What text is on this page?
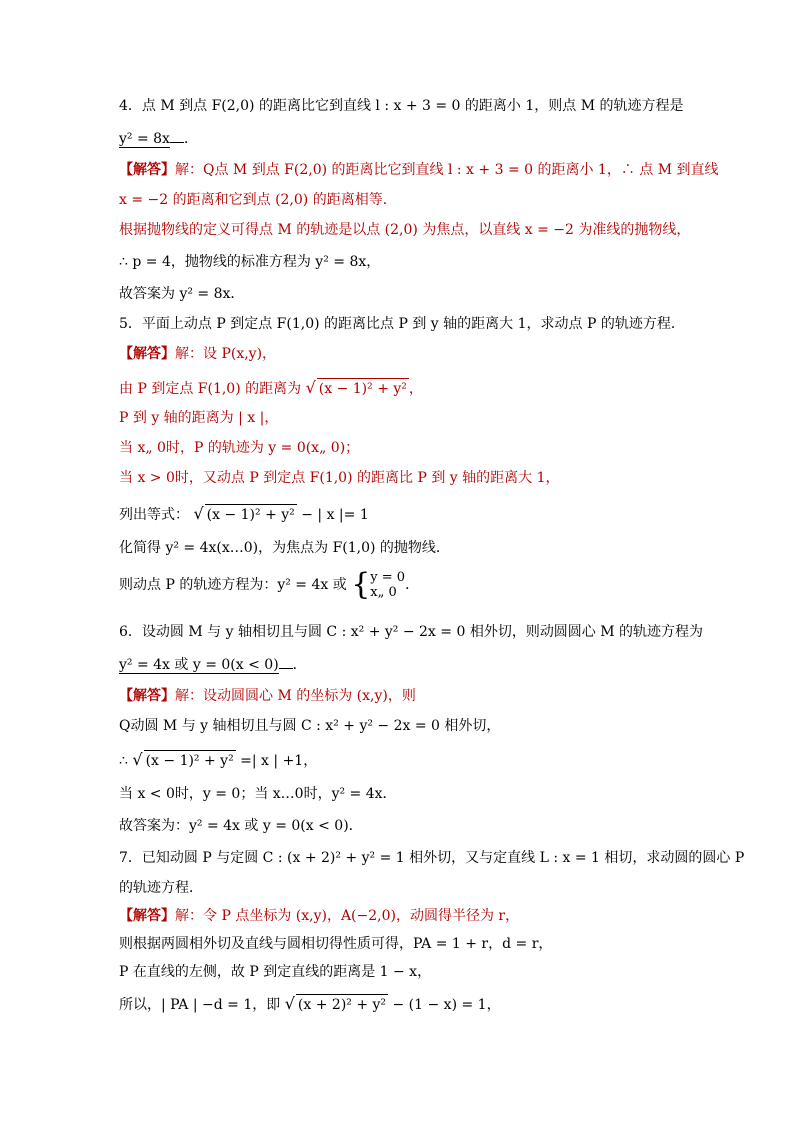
4．点 M 到点 F(2,0) 的距离比它到直线 l : x + 3 = 0 的距离小 1，则点 M 的轨迹方程是
y² = 8x ．
【解答】解：Q点 M 到点 F(2,0) 的距离比它到直线 l : x + 3 = 0 的距离小 1，∴ 点 M 到直线
x = −2 的距离和它到点 (2,0) 的距离相等．
根据抛物线的定义可得点 M 的轨迹是以点 (2,0) 为焦点，以直线 x = −2 为准线的抛物线，
∴ p = 4，抛物线的标准方程为 y² = 8x，
故答案为 y² = 8x．
5．平面上动点 P 到定点 F(1,0) 的距离比点 P 到 y 轴的距离大 1，求动点 P 的轨迹方程．
【解答】解：设 P(x,y)，
由 P 到定点 F(1,0) 的距离为 √ (x − 1)² + y² ，
P 到 y 轴的距离为 | x |，
当 x„ 0时，P 的轨迹为 y = 0(x„ 0)；
当 x > 0时，又动点 P 到定点 F(1,0) 的距离比 P 到 y 轴的距离大 1，
列出等式： √ (x − 1)² + y² − | x |= 1
化简得 y² = 4x(x…0)，为焦点为 F(1,0) 的抛物线．
则动点 P 的轨迹方程为：y² = 4x 或 {y = 0
x„ 0 ．
6．设动圆 M 与 y 轴相切且与圆 C : x² + y² − 2x = 0 相外切，则动圆圆心 M 的轨迹方程为
y² = 4x 或 y = 0(x < 0) ．
【解答】解：设动圆圆心 M 的坐标为 (x,y)，则
Q动圆 M 与 y 轴相切且与圆 C : x² + y² − 2x = 0 相外切，
∴ √ (x − 1)² + y² =| x | +1，
当 x < 0时，y = 0；当 x…0时，y² = 4x．
故答案为：y² = 4x 或 y = 0(x < 0)．
7．已知动圆 P 与定圆 C : (x + 2)² + y² = 1 相外切，又与定直线 L : x = 1 相切，求动圆的圆心 P
的轨迹方程．
【解答】解：令 P 点坐标为 (x,y)，A(−2,0)，动圆得半径为 r，
则根据两圆相外切及直线与圆相切得性质可得，PA = 1 + r，d = r，
P 在直线的左侧，故 P 到定直线的距离是 1 − x，
所以，| PA | −d = 1，即 √ (x + 2)² + y² − (1 − x) = 1，
